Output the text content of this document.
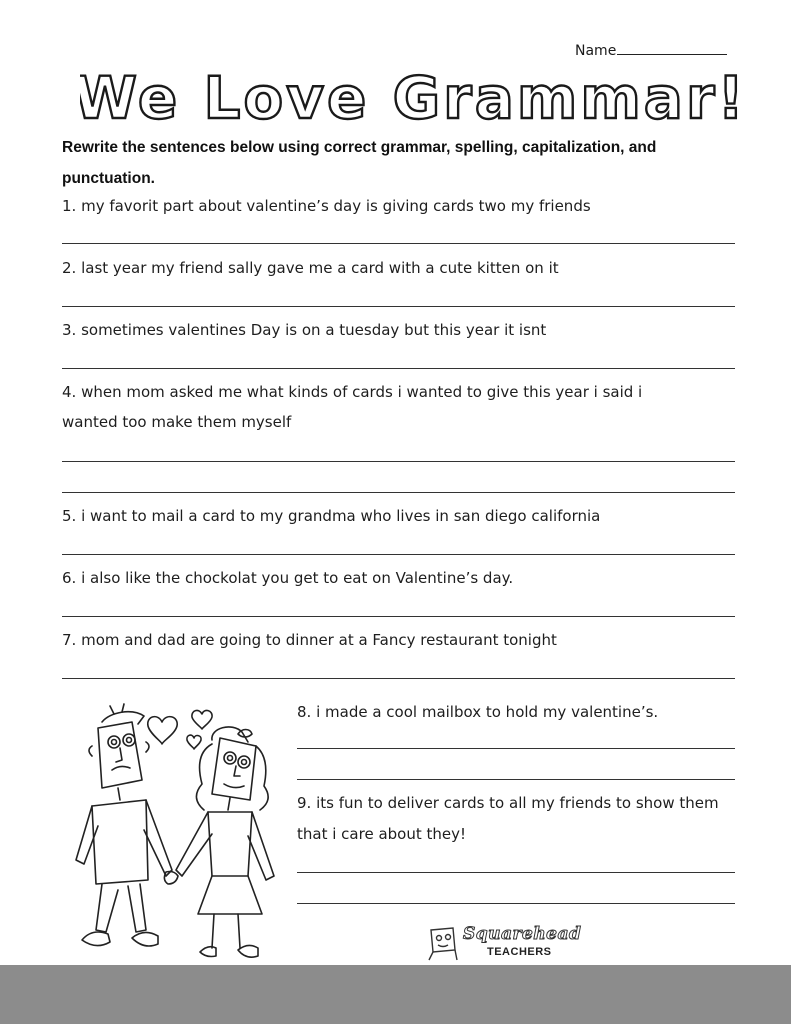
Name
We Love Grammar!
Rewrite the sentences below using correct grammar, spelling, capitalization, and punctuation.
1. my favorit part about valentine’s day is giving cards two my friends
2. last year my friend sally gave me a card with a cute kitten on it
3. sometimes valentines Day is on a tuesday but this year it isnt
4. when mom asked me what kinds of cards i wanted to give this year i said i
wanted too make them myself
5. i want to mail a card to my grandma who lives in san diego california
6. i also like the chockolat you get to eat on Valentine’s day.
7. mom and dad are going to dinner at a Fancy restaurant tonight
8. i made a cool mailbox to hold my valentine’s.
9. its fun to deliver cards to all my friends to show them
that i care about they!
Squarehead
TEACHERS
